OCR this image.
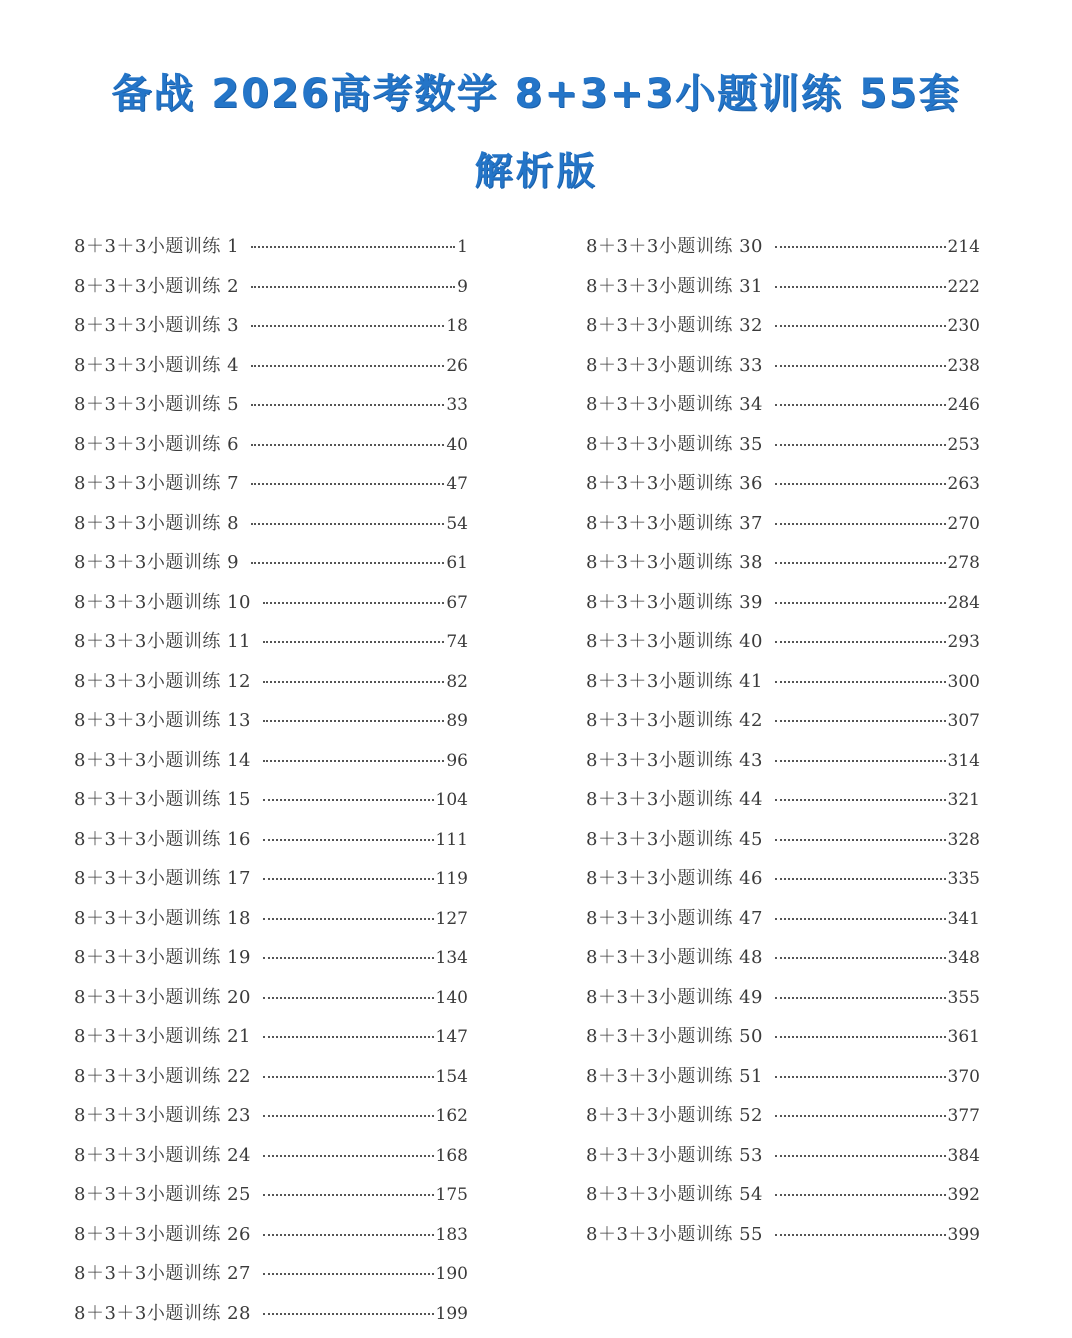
备战 2026高考数学 8+3+3小题训练 55套
解析版
8＋3＋3小题训练 1	1
8＋3＋3小题训练 2	9
8＋3＋3小题训练 3	18
8＋3＋3小题训练 4	26
8＋3＋3小题训练 5	33
8＋3＋3小题训练 6	40
8＋3＋3小题训练 7	47
8＋3＋3小题训练 8	54
8＋3＋3小题训练 9	61
8＋3＋3小题训练 10	67
8＋3＋3小题训练 11	74
8＋3＋3小题训练 12	82
8＋3＋3小题训练 13	89
8＋3＋3小题训练 14	96
8＋3＋3小题训练 15	104
8＋3＋3小题训练 16	111
8＋3＋3小题训练 17	119
8＋3＋3小题训练 18	127
8＋3＋3小题训练 19	134
8＋3＋3小题训练 20	140
8＋3＋3小题训练 21	147
8＋3＋3小题训练 22	154
8＋3＋3小题训练 23	162
8＋3＋3小题训练 24	168
8＋3＋3小题训练 25	175
8＋3＋3小题训练 26	183
8＋3＋3小题训练 27	190
8＋3＋3小题训练 28	199
8＋3＋3小题训练 30	214
8＋3＋3小题训练 31	222
8＋3＋3小题训练 32	230
8＋3＋3小题训练 33	238
8＋3＋3小题训练 34	246
8＋3＋3小题训练 35	253
8＋3＋3小题训练 36	263
8＋3＋3小题训练 37	270
8＋3＋3小题训练 38	278
8＋3＋3小题训练 39	284
8＋3＋3小题训练 40	293
8＋3＋3小题训练 41	300
8＋3＋3小题训练 42	307
8＋3＋3小题训练 43	314
8＋3＋3小题训练 44	321
8＋3＋3小题训练 45	328
8＋3＋3小题训练 46	335
8＋3＋3小题训练 47	341
8＋3＋3小题训练 48	348
8＋3＋3小题训练 49	355
8＋3＋3小题训练 50	361
8＋3＋3小题训练 51	370
8＋3＋3小题训练 52	377
8＋3＋3小题训练 53	384
8＋3＋3小题训练 54	392
8＋3＋3小题训练 55	399
